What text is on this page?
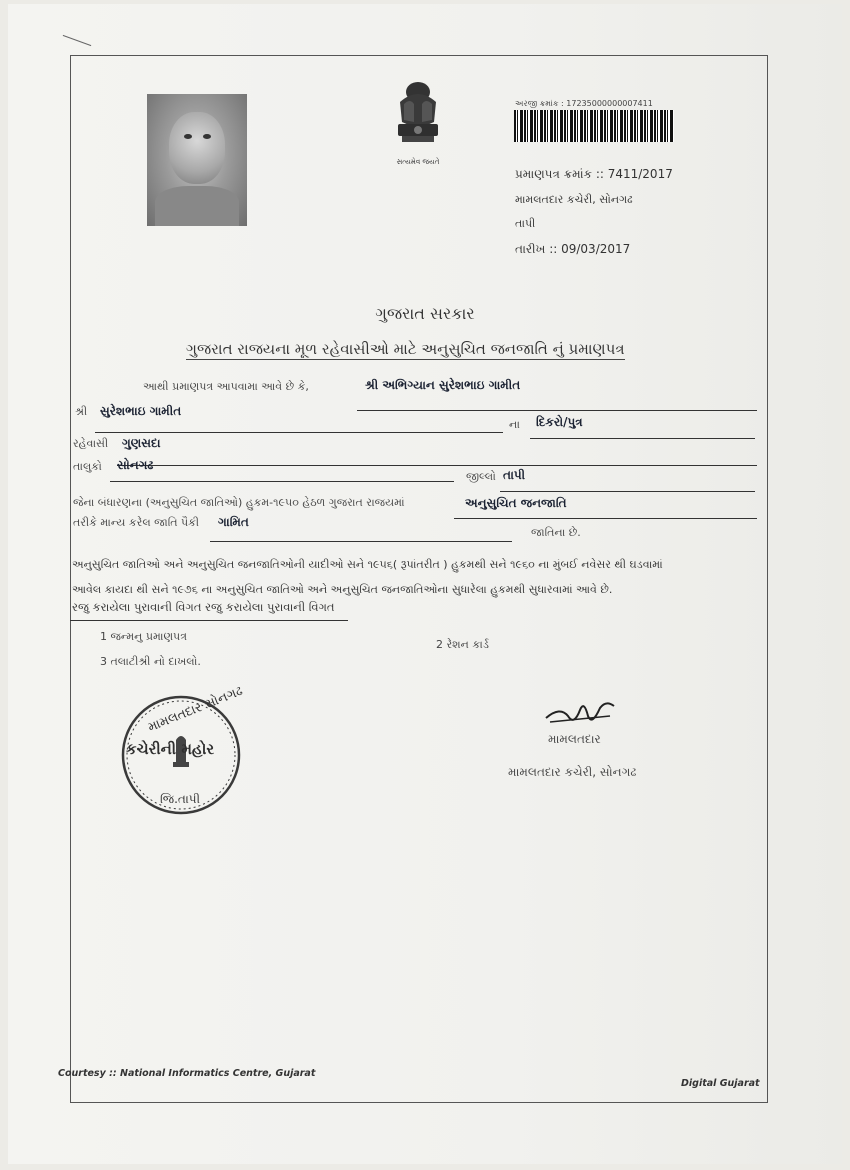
સત્યમેવ જયતે
અરજી ક્રમાંક : 17235000000007411
પ્રમાણપત્ર ક્રમાંક :: 7411/2017
મામલતદાર કચેરી, સોનગઢ
તાપી
તારીખ :: 09/03/2017
ગુજરાત સરકાર
ગુજરાત રાજયના મૂળ રહેવાસીઓ માટે અનુસુચિત જનજાતિ નું પ્રમાણપત્ર
આથી પ્રમાણપત્ર આપવામા આવે છે કે,	શ્રી અભિગ્યાન સુરેશભાઇ ગામીત
શ્રી સુરેશભાઇ ગામીત
ના દિકરો/પુત્ર
રહેવાસી ગુણસદા
તાલુકો સોનગઢ
જીલ્લો તાપી
જેના બંધારણના (અનુસુચિત જાતિઓ) હુકમ-૧૯૫૦ હેઠળ ગુજરાત રાજયમાં	અનુસુચિત જનજાતિ
તરીકે માન્ય કરેલ જાતિ પૈકી ગામિત
જાતિના છે.
અનુસુચિત જાતિઓ અને અનુસુચિત જનજાતિઓની યાદીઓ સને ૧૯૫૬( રૂપાંતરીત ) હુકમથી સને ૧૯૬૦ ના મુંબઈ નવેસર થી ઘડવામાં
આવેલ કાયદા થી સને ૧૯૭૬ ના અનુસુચિત જાતિઓ અને અનુસુચિત જનજાતિઓના સુધારેલા હુકમથી સુધારવામાં આવે છે.
રજુ કરાયેલા પુરાવાની વિગત રજુ કરાયેલા પુરાવાની વિગત
1 જન્મનુ પ્રમાણપત્ર
2 રેશન કાર્ડ
3 તલાટીશ્રી નો દાખલો.
મામલતદાર સોનગઢ
કચેરીની મહોર
જિ.તાપી
મામલતદાર
મામલતદાર કચેરી, સોનગઢ
Courtesy :: National Informatics Centre, Gujarat
Digital Gujarat
